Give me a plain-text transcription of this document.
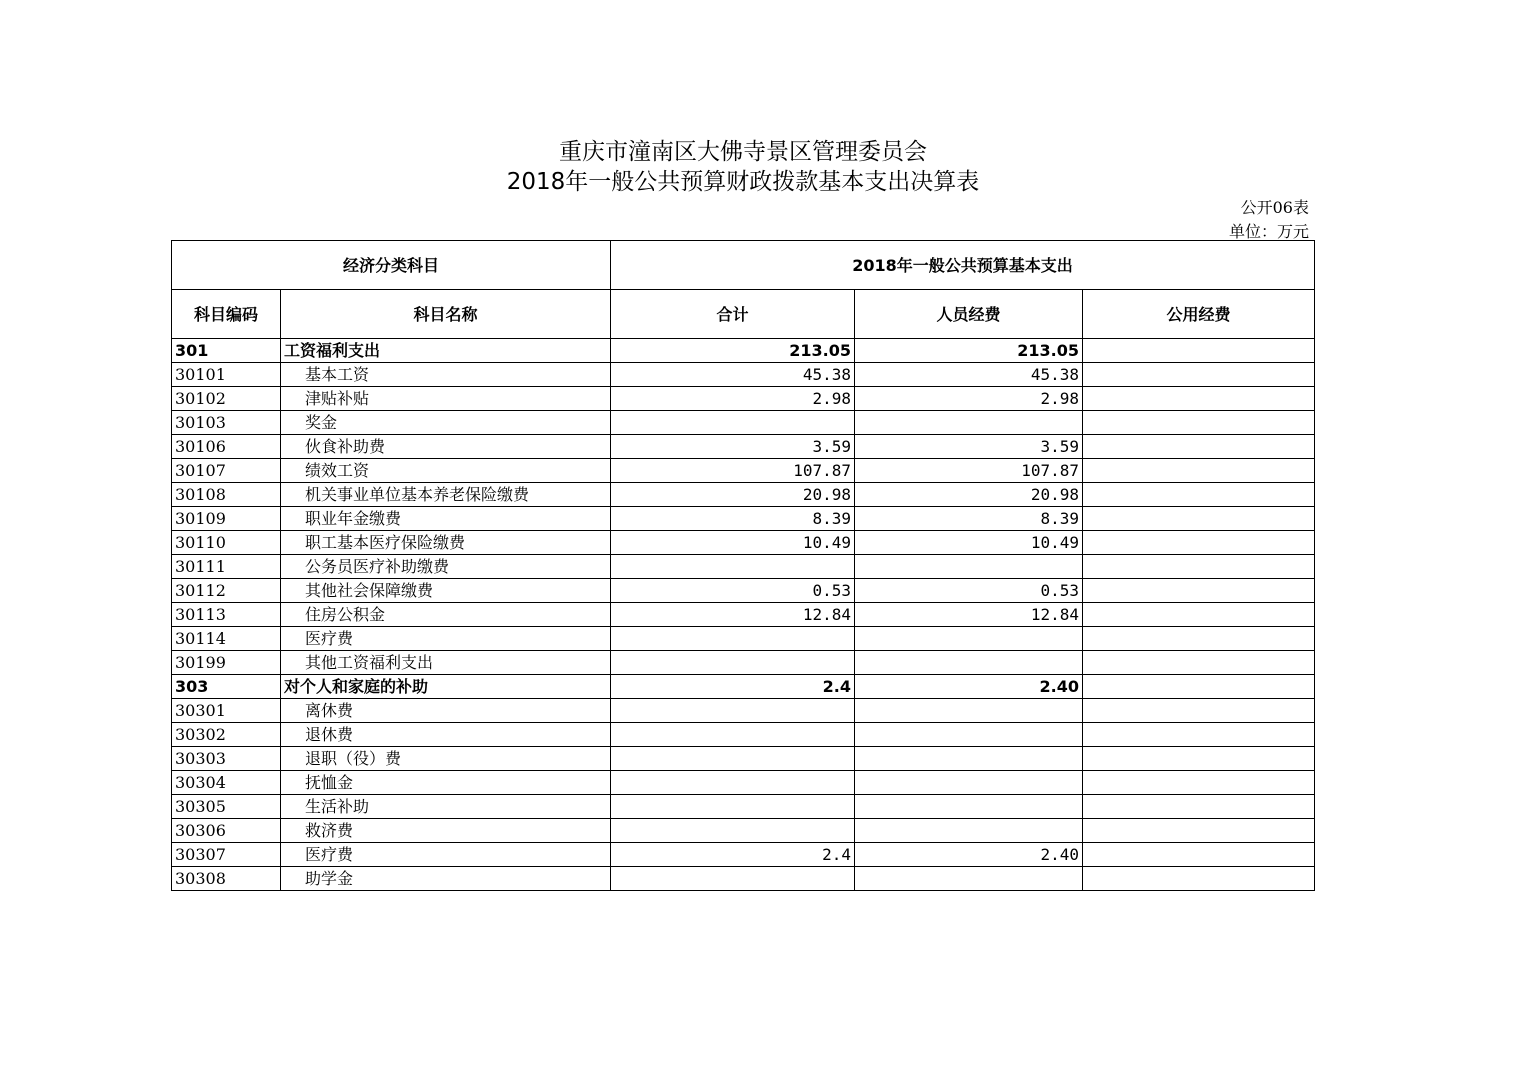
重庆市潼南区大佛寺景区管理委员会
2018年一般公共预算财政拨款基本支出决算表
公开06表
单位：万元
经济分类科目		2018年一般公共预算基本支出		
科目编码	科目名称	合计	人员经费	公用经费
301	工资福利支出	213.05	213.05	
30101	基本工资	45.38	45.38	
30102	津贴补贴	2.98	2.98	
30103	奖金			
30106	伙食补助费	3.59	3.59	
30107	绩效工资	107.87	107.87	
30108	机关事业单位基本养老保险缴费	20.98	20.98	
30109	职业年金缴费	8.39	8.39	
30110	职工基本医疗保险缴费	10.49	10.49	
30111	公务员医疗补助缴费			
30112	其他社会保障缴费	0.53	0.53	
30113	住房公积金	12.84	12.84	
30114	医疗费			
30199	其他工资福利支出			
303	对个人和家庭的补助	2.4	2.40	
30301	离休费			
30302	退休费			
30303	退职（役）费			
30304	抚恤金			
30305	生活补助			
30306	救济费			
30307	医疗费	2.4	2.40	
30308	助学金			
